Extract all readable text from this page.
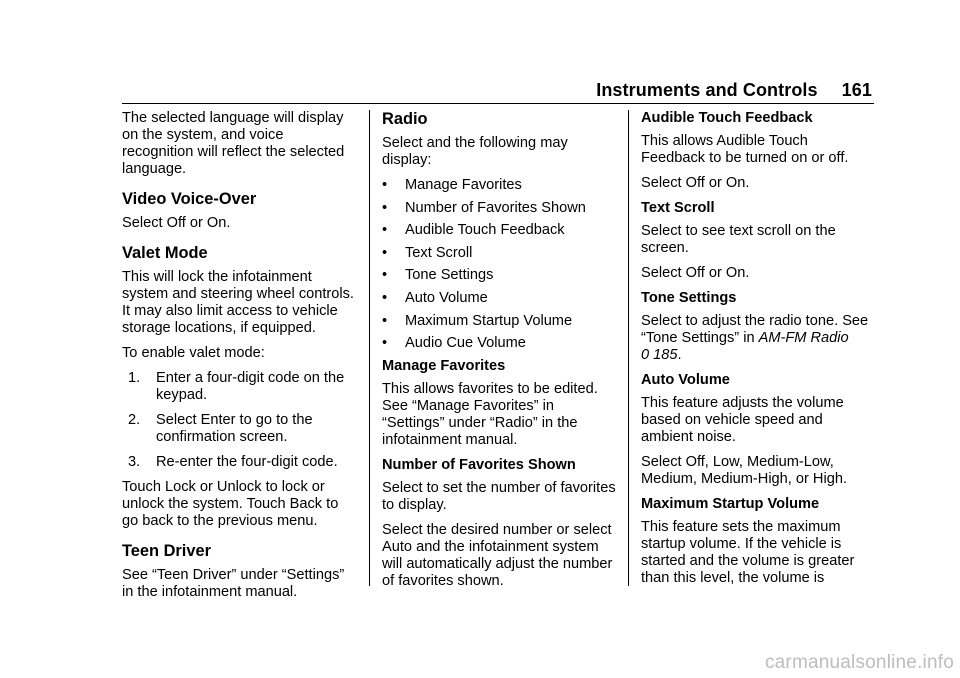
Instruments and Controls 161

The selected language will display on the system, and voice recognition will reflect the selected language.

Video Voice-Over

Select Off or On.

Valet Mode

This will lock the infotainment system and steering wheel controls. It may also limit access to vehicle storage locations, if equipped.

To enable valet mode:

1. Enter a four-digit code on the keypad.
2. Select Enter to go to the confirmation screen.
3. Re-enter the four-digit code.

Touch Lock or Unlock to lock or unlock the system. Touch Back to go back to the previous menu.

Teen Driver

See “Teen Driver” under “Settings” in the infotainment manual.

Radio

Select and the following may display:

• Manage Favorites
• Number of Favorites Shown
• Audible Touch Feedback
• Text Scroll
• Tone Settings
• Auto Volume
• Maximum Startup Volume
• Audio Cue Volume

Manage Favorites

This allows favorites to be edited. See “Manage Favorites” in “Settings” under “Radio” in the infotainment manual.

Number of Favorites Shown

Select to set the number of favorites to display.

Select the desired number or select Auto and the infotainment system will automatically adjust the number of favorites shown.

Audible Touch Feedback

This allows Audible Touch Feedback to be turned on or off.

Select Off or On.

Text Scroll

Select to see text scroll on the screen.

Select Off or On.

Tone Settings

Select to adjust the radio tone. See “Tone Settings” in AM-FM Radio
0 185.

Auto Volume

This feature adjusts the volume based on vehicle speed and ambient noise.

Select Off, Low, Medium-Low, Medium, Medium-High, or High.

Maximum Startup Volume

This feature sets the maximum startup volume. If the vehicle is started and the volume is greater than this level, the volume is

carmanualsonline.info
